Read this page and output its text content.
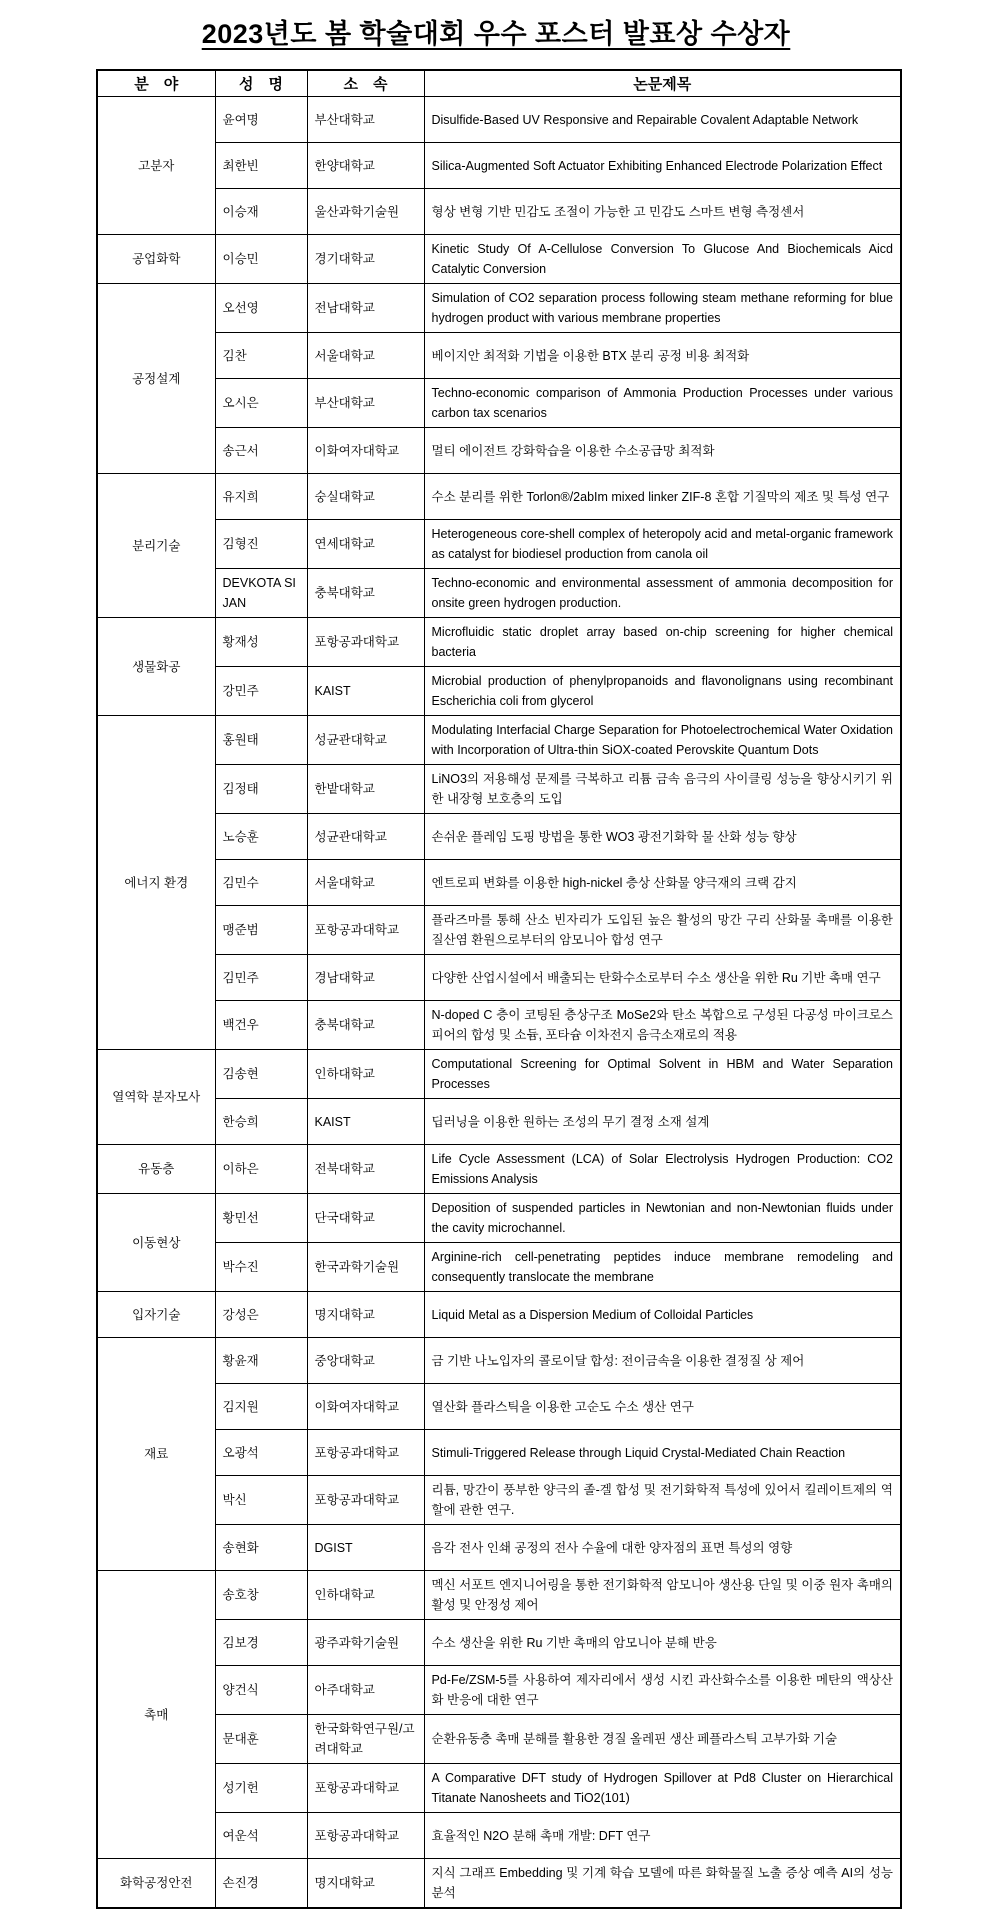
2023년도 봄 학술대회 우수 포스터 발표상 수상자
분　야	성　명	소　속	논문제목
고분자	윤여명	부산대학교	Disulfide-Based UV Responsive and Repairable Covalent Adaptable Network
	최한빈	한양대학교	Silica-Augmented Soft Actuator Exhibiting Enhanced Electrode Polarization Effect
	이승재	울산과학기술원	형상 변형 기반 민감도 조절이 가능한 고 민감도 스마트 변형 측정센서
공업화학	이승민	경기대학교	Kinetic Study Of A-Cellulose Conversion To Glucose And Biochemicals Aicd Catalytic Conversion
공정설계	오선영	전남대학교	Simulation of CO2 separation process following steam methane reforming for blue hydrogen product with various membrane properties
	김찬	서울대학교	베이지안 최적화 기법을 이용한 BTX 분리 공정 비용 최적화
	오시은	부산대학교	Techno-economic comparison of Ammonia Production Processes under various carbon tax scenarios
	송근서	이화여자대학교	멀티 에이전트 강화학습을 이용한 수소공급망 최적화
분리기술	유지희	숭실대학교	수소 분리를 위한 Torlon®/2abIm mixed linker ZIF-8 혼합 기질막의 제조 및 특성 연구
	김형진	연세대학교	Heterogeneous core-shell complex of heteropoly acid and metal-organic framework as catalyst for biodiesel production from canola oil
	DEVKOTA SIJAN	충북대학교	Techno-economic and environmental assessment of ammonia decomposition for onsite green hydrogen production.
생물화공	황재성	포항공과대학교	Microfluidic static droplet array based on-chip screening for higher chemical bacteria
	강민주	KAIST	Microbial production of phenylpropanoids and flavonolignans using recombinant Escherichia coli from glycerol
에너지 환경	홍원태	성균관대학교	Modulating Interfacial Charge Separation for Photoelectrochemical Water Oxidation with Incorporation of Ultra-thin SiOX-coated Perovskite Quantum Dots
	김정태	한밭대학교	LiNO3의 저용해성 문제를 극복하고 리튬 금속 음극의 사이클링 성능을 향상시키기 위한 내장형 보호층의 도입
	노승훈	성균관대학교	손쉬운 플레임 도핑 방법을 통한 WO3 광전기화학 물 산화 성능 향상
	김민수	서울대학교	엔트로피 변화를 이용한 high-nickel 층상 산화물 양극재의 크랙 감지
	맹준범	포항공과대학교	플라즈마를 통해 산소 빈자리가 도입된 높은 활성의 망간 구리 산화물 촉매를 이용한 질산염 환원으로부터의 암모니아 합성 연구
	김민주	경남대학교	다양한 산업시설에서 배출되는 탄화수소로부터 수소 생산을 위한 Ru 기반 촉매 연구
	백건우	충북대학교	N-doped C 층이 코팅된 층상구조 MoSe2와 탄소 복합으로 구성된 다공성 마이크로스피어의 합성 및 소듐, 포타슘 이차전지 음극소재로의 적용
열역학 분자모사	김송현	인하대학교	Computational Screening for Optimal Solvent in HBM and Water Separation Processes
	한승희	KAIST	딥러닝을 이용한 원하는 조성의 무기 결정 소재 설계
유동층	이하은	전북대학교	Life Cycle Assessment (LCA) of Solar Electrolysis Hydrogen Production: CO2 Emissions Analysis
이동현상	황민선	단국대학교	Deposition of suspended particles in Newtonian and non-Newtonian fluids under the cavity microchannel.
	박수진	한국과학기술원	Arginine-rich cell-penetrating peptides induce membrane remodeling and consequently translocate the membrane
입자기술	강성은	명지대학교	Liquid Metal as a Dispersion Medium of Colloidal Particles
재료	황윤재	중앙대학교	금 기반 나노입자의 콜로이달 합성: 전이금속을 이용한 결정질 상 제어
	김지원	이화여자대학교	열산화 플라스틱을 이용한 고순도 수소 생산 연구
	오광석	포항공과대학교	Stimuli-Triggered Release through Liquid Crystal-Mediated Chain Reaction
	박신	포항공과대학교	리튬, 망간이 풍부한 양극의 졸-겔 합성 및 전기화학적 특성에 있어서 킬레이트제의 역할에 관한 연구.
	송현화	DGIST	음각 전사 인쇄 공정의 전사 수율에 대한 양자점의 표면 특성의 영향
촉매	송호창	인하대학교	멕신 서포트 엔지니어링을 통한 전기화학적 암모니아 생산용 단일 및 이중 원자 촉매의 활성 및 안정성 제어
	김보경	광주과학기술원	수소 생산을 위한 Ru 기반 촉매의 암모니아 분해 반응
	양건식	아주대학교	Pd-Fe/ZSM-5를 사용하여 제자리에서 생성 시킨 과산화수소를 이용한 메탄의 액상산화 반응에 대한 연구
	문대훈	한국화학연구원/고려대학교	순환유동층 촉매 분해를 활용한 경질 올레핀 생산 페플라스틱 고부가화 기술
	성기헌	포항공과대학교	A Comparative DFT study of Hydrogen Spillover at Pd8 Cluster on Hierarchical Titanate Nanosheets and TiO2(101)
	여운석	포항공과대학교	효율적인 N2O 분해 촉매 개발: DFT 연구
화학공정안전	손진경	명지대학교	지식 그래프 Embedding 및 기계 학습 모델에 따른 화학물질 노출 증상 예측 AI의 성능 분석
